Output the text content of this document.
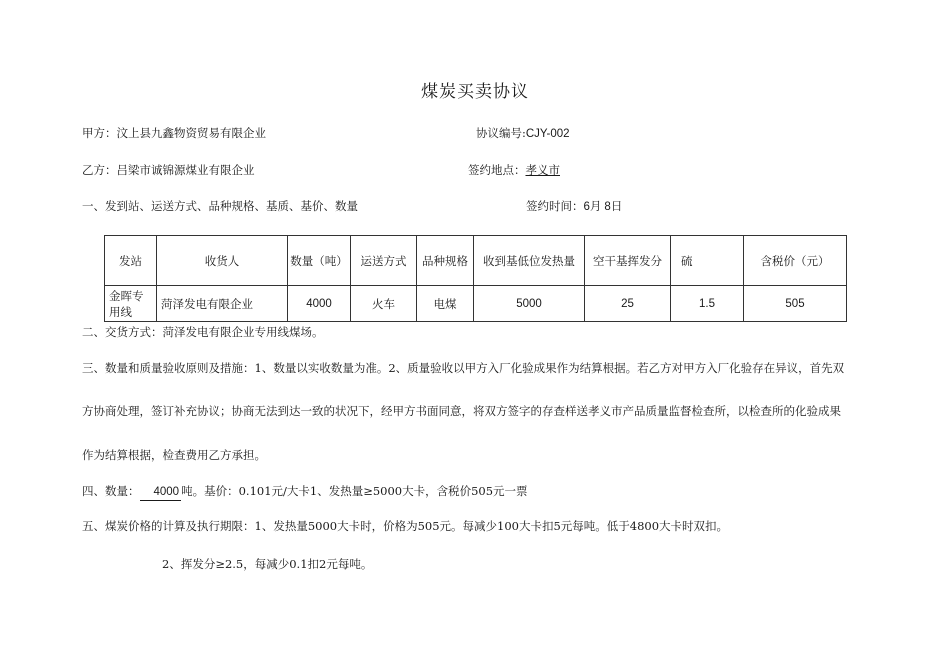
煤炭买卖协议
甲方：汶上县九鑫物资贸易有限企业	协议编号:CJY-002
乙方：吕梁市诚锦源煤业有限企业	签约地点：孝义市
一、发到站、运送方式、品种规格、基质、基价、数量	签约时间：6月 8日
发站	收货人	数量（吨）	运送方式	品种规格	收到基低位发热量	空干基挥发分	硫	含税价（元）
金晖专用线	菏泽发电有限企业	4000	火车	电煤	5000	25	1.5	505
二、交货方式：菏泽发电有限企业专用线煤场。
三、数量和质量验收原则及措施：1、数量以实收数量为准。2、质量验收以甲方入厂化验成果作为结算根据。若乙方对甲方入厂化验存在异议，首先双
方协商处理，签订补充协议；协商无法到达一致的状况下，经甲方书面同意，将双方签字的存查样送孝义市产品质量监督检查所，以检查所的化验成果
作为结算根据，检查费用乙方承担。
四、数量： 4000 吨。基价：0.101元/大卡1、发热量≥5000大卡，含税价505元一票
五、煤炭价格的计算及执行期限：1、发热量5000大卡时，价格为505元。每减少100大卡扣5元每吨。低于4800大卡时双扣。
2、挥发分≥2.5，每减少0.1扣2元每吨。
